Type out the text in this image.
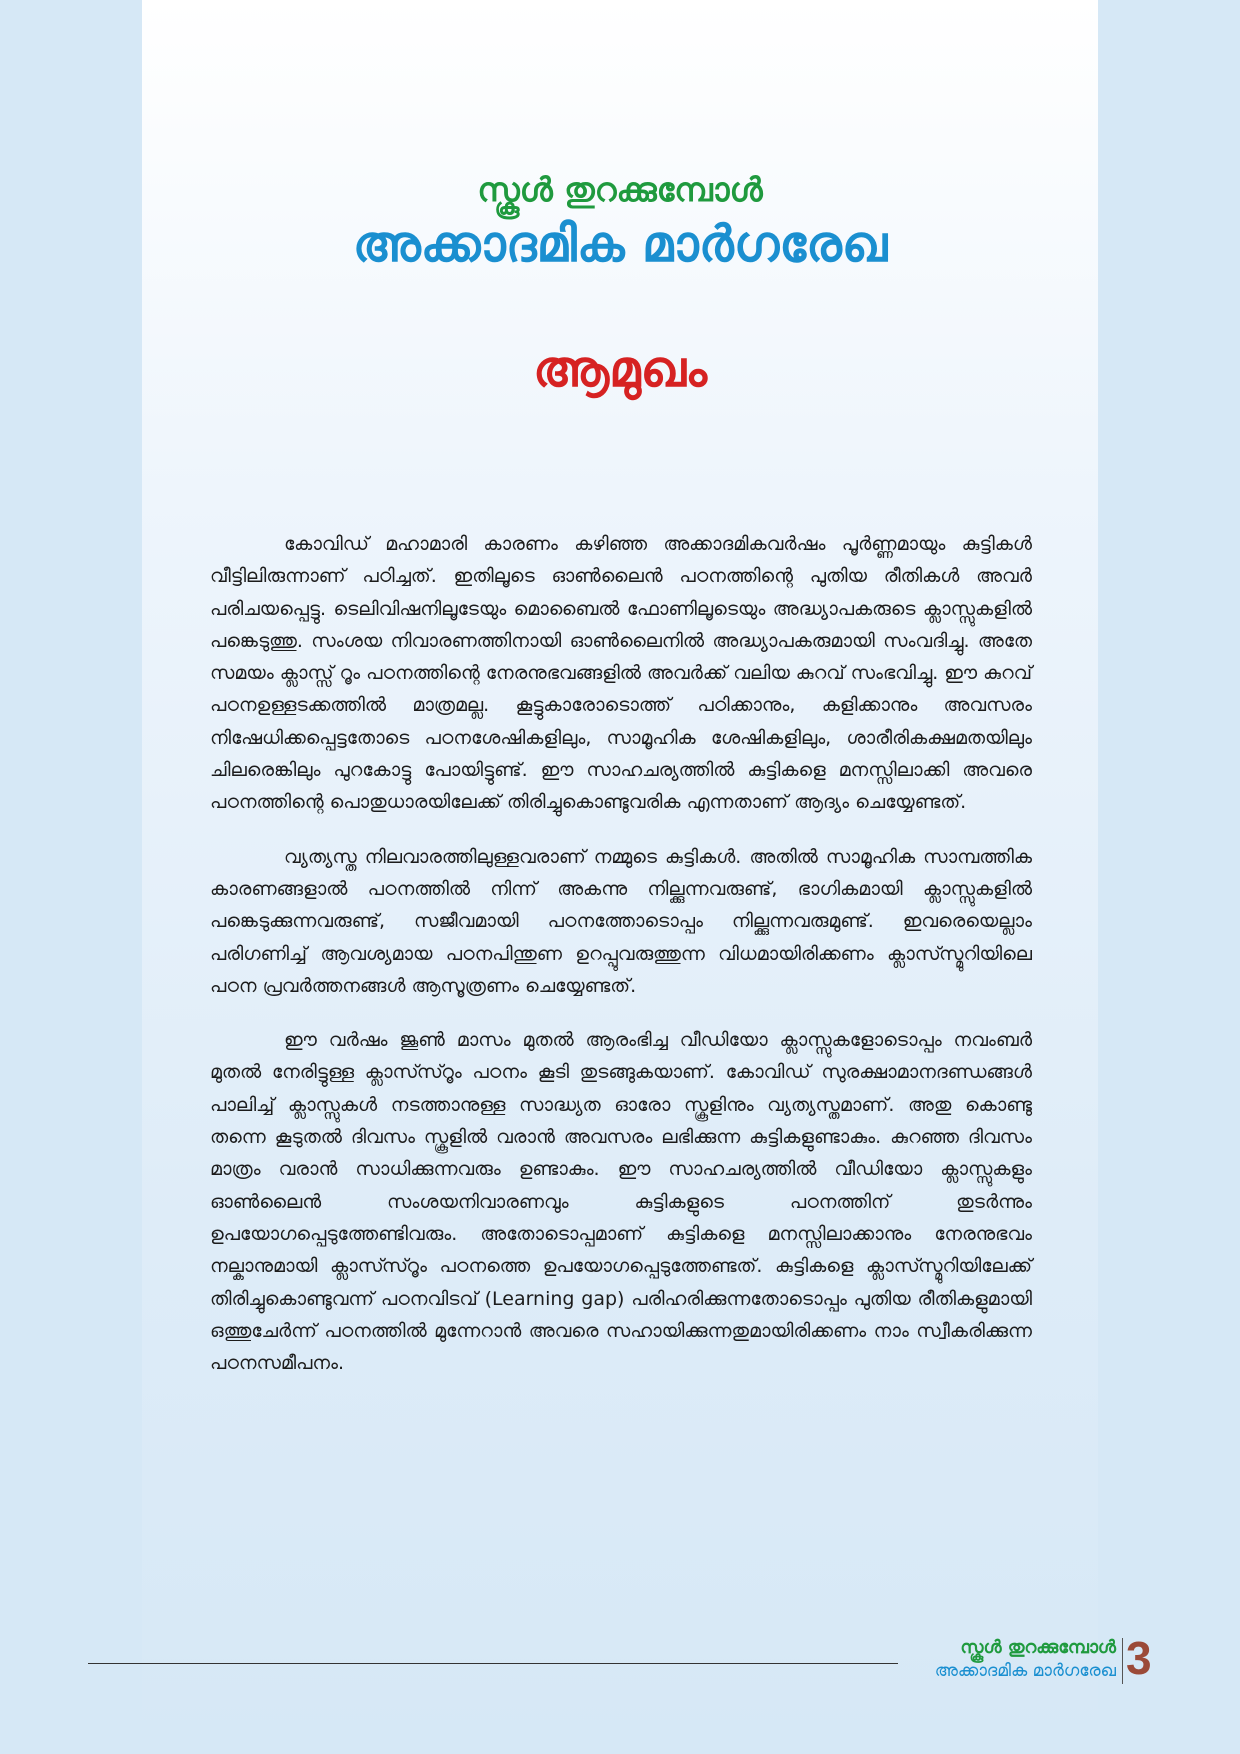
സ്കൂൾ തുറക്കുമ്പോൾ
അക്കാദമിക മാർഗരേഖ
ആമുഖം

കോവിഡ് മഹാമാരി കാരണം കഴിഞ്ഞ അക്കാദമികവർഷം പൂർണ്ണമായും കുട്ടികൾ വീട്ടിലിരുന്നാണ് പഠിച്ചത്. ഇതിലൂടെ ഓൺലൈൻ പഠനത്തിന്റെ പുതിയ രീതികൾ അവർ പരിചയപ്പെട്ടു. ടെലിവിഷനിലൂടേയും മൊബൈൽ ഫോണിലൂടെയും അദ്ധ്യാപകരുടെ ക്ലാസ്സുകളിൽ പങ്കെടുത്തു. സംശയ നിവാരണത്തിനായി ഓൺലൈനിൽ അദ്ധ്യാപകരുമായി സംവദിച്ചു. അതേ സമയം ക്ലാസ്സ് റൂം പഠനത്തിന്റെ നേരനുഭവങ്ങളിൽ അവർക്ക് വലിയ കുറവ് സംഭവിച്ചു. ഈ കുറവ് പഠനഉള്ളടക്കത്തിൽ മാത്രമല്ല. കൂട്ടുകാരോടൊത്ത് പഠിക്കാനും, കളിക്കാനും അവസരം നിഷേധിക്കപ്പെട്ടതോടെ പഠനശേഷികളിലും, സാമൂഹിക ശേഷികളിലും, ശാരീരികക്ഷമതയിലും ചിലരെങ്കിലും പുറകോട്ടു പോയിട്ടുണ്ട്. ഈ സാഹചര്യത്തിൽ കുട്ടികളെ മനസ്സിലാക്കി അവരെ പഠനത്തിന്റെ പൊതുധാരയിലേക്ക് തിരിച്ചുകൊണ്ടുവരിക എന്നതാണ് ആദ്യം ചെയ്യേണ്ടത്.

വ്യത്യസ്ത നിലവാരത്തിലുള്ളവരാണ് നമ്മുടെ കുട്ടികൾ. അതിൽ സാമൂഹിക സാമ്പത്തിക കാരണങ്ങളാൽ പഠനത്തിൽ നിന്ന് അകന്നു നില്ക്കുന്നവരുണ്ട്, ഭാഗികമായി ക്ലാസ്സുകളിൽ പങ്കെടുക്കുന്നവരുണ്ട്, സജീവമായി പഠനത്തോടൊപ്പം നില്ക്കുന്നവരുമുണ്ട്. ഇവരെയെല്ലാം പരിഗണിച്ച് ആവശ്യമായ പഠനപിന്തുണ ഉറപ്പുവരുത്തുന്ന വിധമായിരിക്കണം ക്ലാസ്സ്മുറിയിലെ പഠന പ്രവർത്തനങ്ങൾ ആസൂത്രണം ചെയ്യേണ്ടത്.

ഈ വർഷം ജൂൺ മാസം മുതൽ ആരംഭിച്ച വീഡിയോ ക്ലാസ്സുകളോടൊപ്പം നവംബർ മുതൽ നേരിട്ടുള്ള ക്ലാസ്സ്റൂം പഠനം കൂടി തുടങ്ങുകയാണ്. കോവിഡ് സുരക്ഷാമാനദണ്ഡങ്ങൾ പാലിച്ച് ക്ലാസ്സുകൾ നടത്താനുള്ള സാദ്ധ്യത ഓരോ സ്കൂളിനും വ്യത്യസ്തമാണ്. അതു കൊണ്ടു തന്നെ കൂടുതൽ ദിവസം സ്കൂളിൽ വരാൻ അവസരം ലഭിക്കുന്ന കുട്ടികളുണ്ടാകും. കുറഞ്ഞ ദിവസം മാത്രം വരാൻ സാധിക്കുന്നവരും ഉണ്ടാകും. ഈ സാഹചര്യത്തിൽ വീഡിയോ ക്ലാസ്സുകളും ഓൺലൈൻ സംശയനിവാരണവും കുട്ടികളുടെ പഠനത്തിന് തുടർന്നും ഉപയോഗപ്പെടുത്തേണ്ടിവരും. അതോടൊപ്പമാണ് കുട്ടികളെ മനസ്സിലാക്കാനും നേരനുഭവം നല്കാനുമായി ക്ലാസ്സ്റൂം പഠനത്തെ ഉപയോഗപ്പെടുത്തേണ്ടത്. കുട്ടികളെ ക്ലാസ്സ്മുറിയിലേക്ക് തിരിച്ചുകൊണ്ടുവന്ന് പഠനവിടവ് (Learning gap) പരിഹരിക്കുന്നതോടൊപ്പം പുതിയ രീതികളുമായി ഒത്തുചേർന്ന് പഠനത്തിൽ മുന്നേറാൻ അവരെ സഹായിക്കുന്നതുമായിരിക്കണം നാം സ്വീകരിക്കുന്ന പഠനസമീപനം.

സ്കൂൾ തുറക്കുമ്പോൾ
അക്കാദമിക മാർഗരേഖ 3
